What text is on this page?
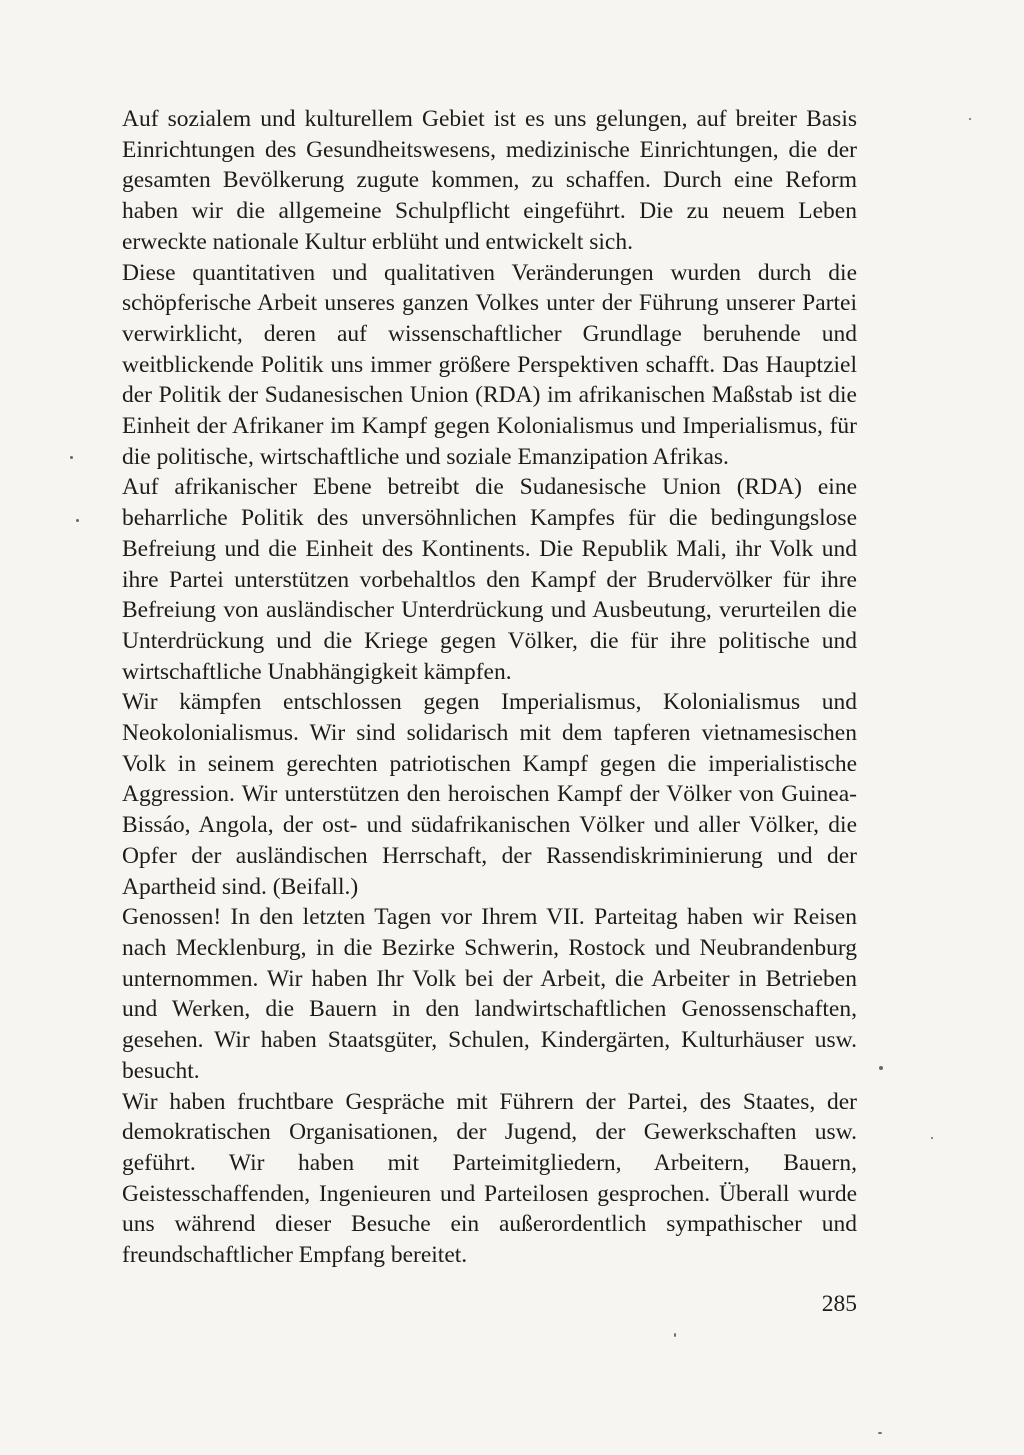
Auf sozialem und kulturellem Gebiet ist es uns gelungen, auf breiter Basis Einrichtungen des Gesundheitswesens, medizinische Einrichtungen, die der gesamten Bevölkerung zugute kommen, zu schaffen. Durch eine Reform haben wir die allgemeine Schulpflicht eingeführt. Die zu neuem Leben erweckte nationale Kultur erblüht und entwickelt sich.

Diese quantitativen und qualitativen Veränderungen wurden durch die schöpferische Arbeit unseres ganzen Volkes unter der Führung unserer Partei verwirklicht, deren auf wissenschaftlicher Grundlage beruhende und weitblickende Politik uns immer größere Perspektiven schafft. Das Hauptziel der Politik der Sudanesischen Union (RDA) im afrikanischen Maßstab ist die Einheit der Afrikaner im Kampf gegen Kolonialismus und Imperialismus, für die politische, wirtschaftliche und soziale Emanzipation Afrikas.

Auf afrikanischer Ebene betreibt die Sudanesische Union (RDA) eine beharrliche Politik des unversöhnlichen Kampfes für die bedingungslose Befreiung und die Einheit des Kontinents. Die Republik Mali, ihr Volk und ihre Partei unterstützen vorbehaltlos den Kampf der Brudervölker für ihre Befreiung von ausländischer Unterdrückung und Ausbeutung, verurteilen die Unterdrückung und die Kriege gegen Völker, die für ihre politische und wirtschaftliche Unabhängigkeit kämpfen.

Wir kämpfen entschlossen gegen Imperialismus, Kolonialismus und Neokolonialismus. Wir sind solidarisch mit dem tapferen vietnamesischen Volk in seinem gerechten patriotischen Kampf gegen die imperialistische Aggression. Wir unterstützen den heroischen Kampf der Völker von Guinea-Bissáo, Angola, der ost- und südafrikanischen Völker und aller Völker, die Opfer der ausländischen Herrschaft, der Rassendiskriminierung und der Apartheid sind. (Beifall.)

Genossen! In den letzten Tagen vor Ihrem VII. Parteitag haben wir Reisen nach Mecklenburg, in die Bezirke Schwerin, Rostock und Neubrandenburg unternommen. Wir haben Ihr Volk bei der Arbeit, die Arbeiter in Betrieben und Werken, die Bauern in den landwirtschaftlichen Genossenschaften, gesehen. Wir haben Staatsgüter, Schulen, Kindergärten, Kulturhäuser usw. besucht.

Wir haben fruchtbare Gespräche mit Führern der Partei, des Staates, der demokratischen Organisationen, der Jugend, der Gewerkschaften usw. geführt. Wir haben mit Parteimitgliedern, Arbeitern, Bauern, Geistesschaffenden, Ingenieuren und Parteilosen gesprochen. Überall wurde uns während dieser Besuche ein außerordentlich sympathischer und freundschaftlicher Empfang bereitet.

285
